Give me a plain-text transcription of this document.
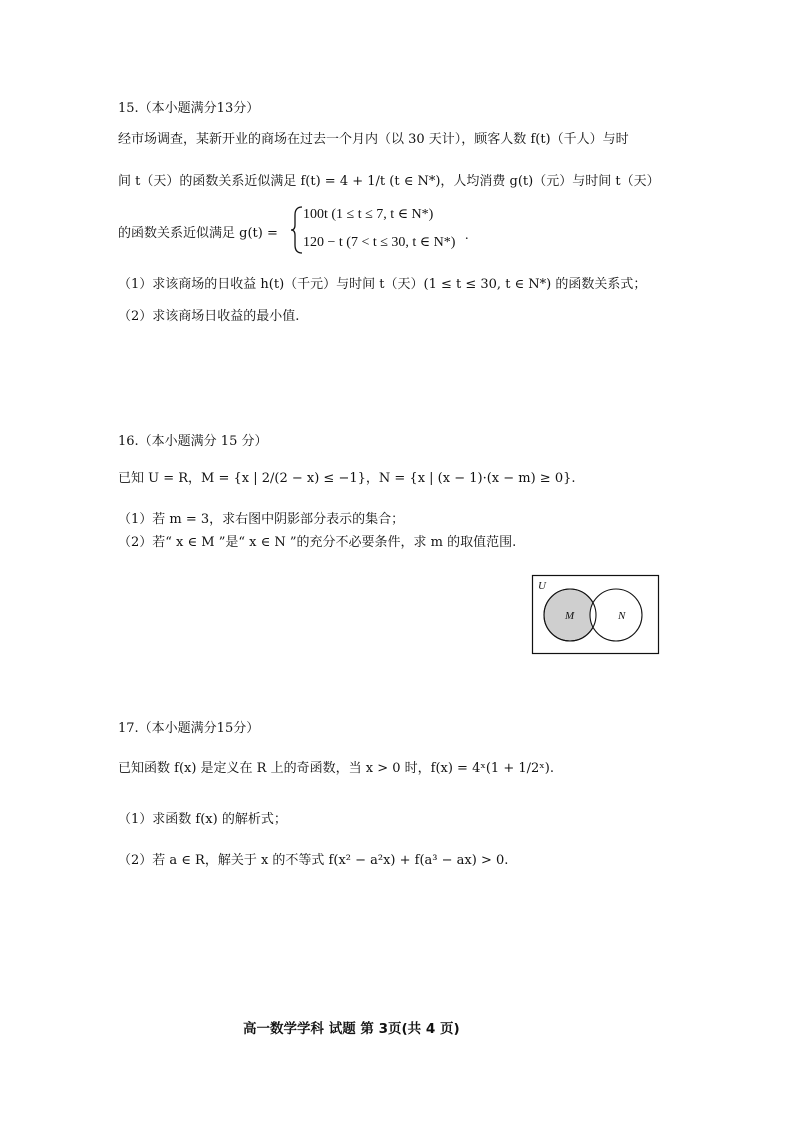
15.（本小题满分13分）
经市场调查，某新开业的商场在过去一个月内（以 30 天计），顾客人数 f(t)（千人）与时
间 t（天）的函数关系近似满足 f(t) = 4 + 1/t (t ∈ N*)，人均消费 g(t)（元）与时间 t（天）
的函数关系近似满足 g(t) =
100t (1 ≤ t ≤ 7, t ∈ N*)
120 − t (7 < t ≤ 30, t ∈ N*) .
（1）求该商场的日收益 h(t)（千元）与时间 t（天）(1 ≤ t ≤ 30, t ∈ N*) 的函数关系式；
（2）求该商场日收益的最小值.
16.（本小题满分 15 分）
已知 U = R，M = {x | 2/(2 − x) ≤ −1}，N = {x | (x − 1)·(x − m) ≥ 0}.
（1）若 m = 3，求右图中阴影部分表示的集合；
（2）若“ x ∈ M ”是“ x ∈ N ”的充分不必要条件，求 m 的取值范围.
U
M	N
17.（本小题满分15分）
已知函数 f(x) 是定义在 R 上的奇函数，当 x > 0 时，f(x) = 4ˣ(1 + 1/2ˣ).
（1）求函数 f(x) 的解析式；
（2）若 a ∈ R，解关于 x 的不等式 f(x² − a²x) + f(a³ − ax) > 0.
高一数学学科 试题 第 3页(共 4 页)
